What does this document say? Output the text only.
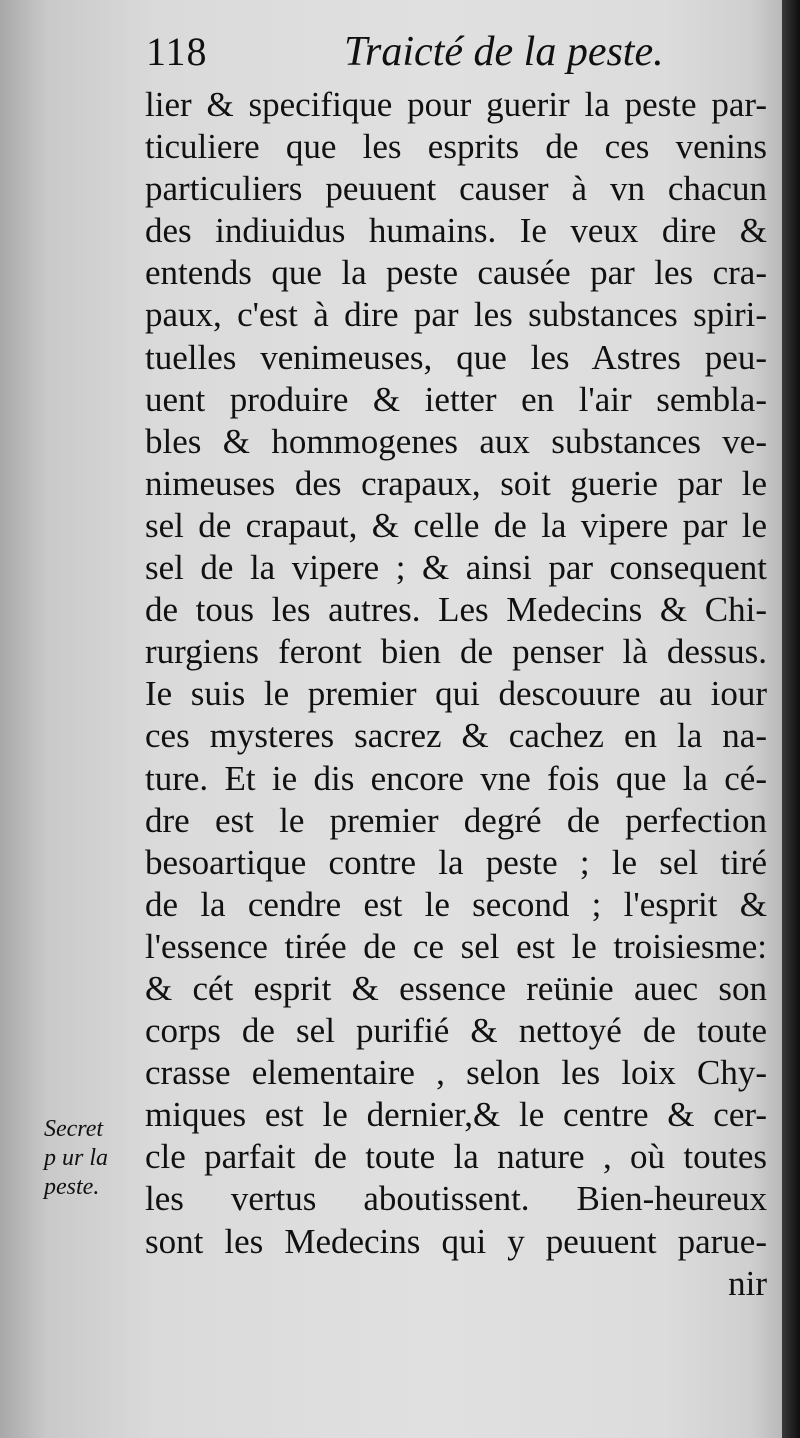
118	Traicté de la peste.
lier & specifique pour guerir la peste par-
ticuliere que les esprits de ces venins
particuliers peuuent causer à vn chacun
des indiuidus humains. Ie veux dire &
entends que la peste causée par les cra-
paux, c'est à dire par les substances spiri-
tuelles venimeuses, que les Astres peu-
uent produire & ietter en l'air sembla-
bles & hommogenes aux substances ve-
nimeuses des crapaux, soit guerie par le
sel de crapaut, & celle de la vipere par le
sel de la vipere ; & ainsi par consequent
de tous les autres. Les Medecins & Chi-
rurgiens feront bien de penser là dessus.
Ie suis le premier qui descouure au iour
ces mysteres sacrez & cachez en la na-
ture. Et ie dis encore vne fois que la cé-
dre est le premier degré de perfection
besoartique contre la peste ; le sel tiré
de la cendre est le second ; l'esprit &
l'essence tirée de ce sel est le troisiesme:
& cét esprit & essence reünie auec son
corps de sel purifié & nettoyé de toute
crasse elementaire , selon les loix Chy-
miques est le dernier,& le centre & cer-
cle parfait de toute la nature , où toutes
les vertus aboutissent. Bien-heureux
sont les Medecins qui y peuuent parue-
nir
Secret
p ur la
peste.
